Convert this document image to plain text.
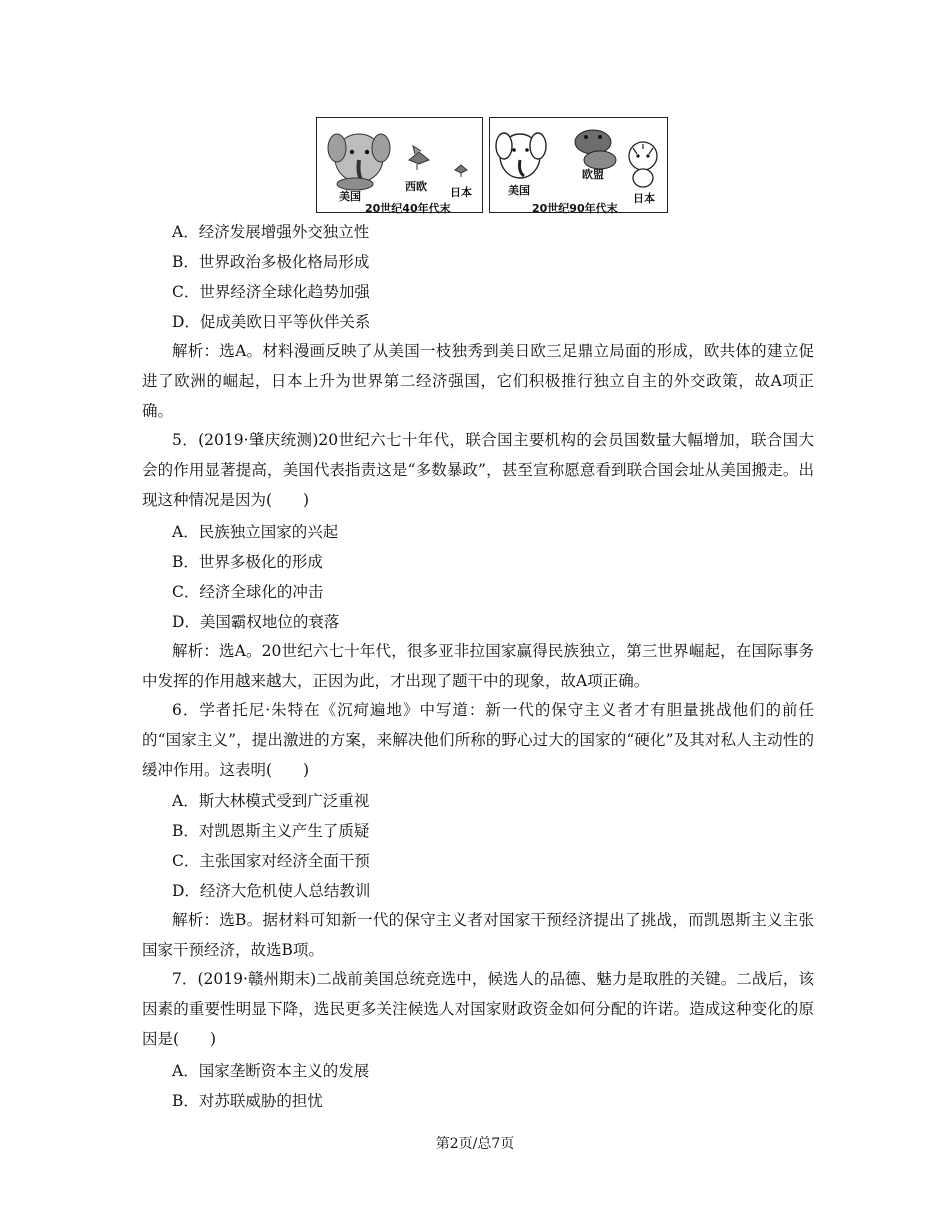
美国
西欧 日本
20世纪40年代末
美国
欧盟
日本
20世纪90年代末
A．经济发展增强外交独立性
B．世界政治多极化格局形成
C．世界经济全球化趋势加强
D．促成美欧日平等伙伴关系
解析：选A。材料漫画反映了从美国一枝独秀到美日欧三足鼎立局面的形成，欧共体的建立促进了欧洲的崛起，日本上升为世界第二经济强国，它们积极推行独立自主的外交政策，故A项正确。
5．(2019·肇庆统测)20世纪六七十年代，联合国主要机构的会员国数量大幅增加，联合国大会的作用显著提高，美国代表指责这是“多数暴政”，甚至宣称愿意看到联合国会址从美国搬走。出现这种情况是因为(　　)
A．民族独立国家的兴起
B．世界多极化的形成
C．经济全球化的冲击
D．美国霸权地位的衰落
解析：选A。20世纪六七十年代，很多亚非拉国家赢得民族独立，第三世界崛起，在国际事务中发挥的作用越来越大，正因为此，才出现了题干中的现象，故A项正确。
6．学者托尼·朱特在《沉疴遍地》中写道：新一代的保守主义者才有胆量挑战他们的前任的“国家主义”，提出激进的方案，来解决他们所称的野心过大的国家的“硬化”及其对私人主动性的缓冲作用。这表明(　　)
A．斯大林模式受到广泛重视
B．对凯恩斯主义产生了质疑
C．主张国家对经济全面干预
D．经济大危机使人总结教训
解析：选B。据材料可知新一代的保守主义者对国家干预经济提出了挑战，而凯恩斯主义主张国家干预经济，故选B项。
7．(2019·赣州期末)二战前美国总统竞选中，候选人的品德、魅力是取胜的关键。二战后，该因素的重要性明显下降，选民更多关注候选人对国家财政资金如何分配的许诺。造成这种变化的原因是(　　)
A．国家垄断资本主义的发展
B．对苏联威胁的担忧
第2页/总7页
